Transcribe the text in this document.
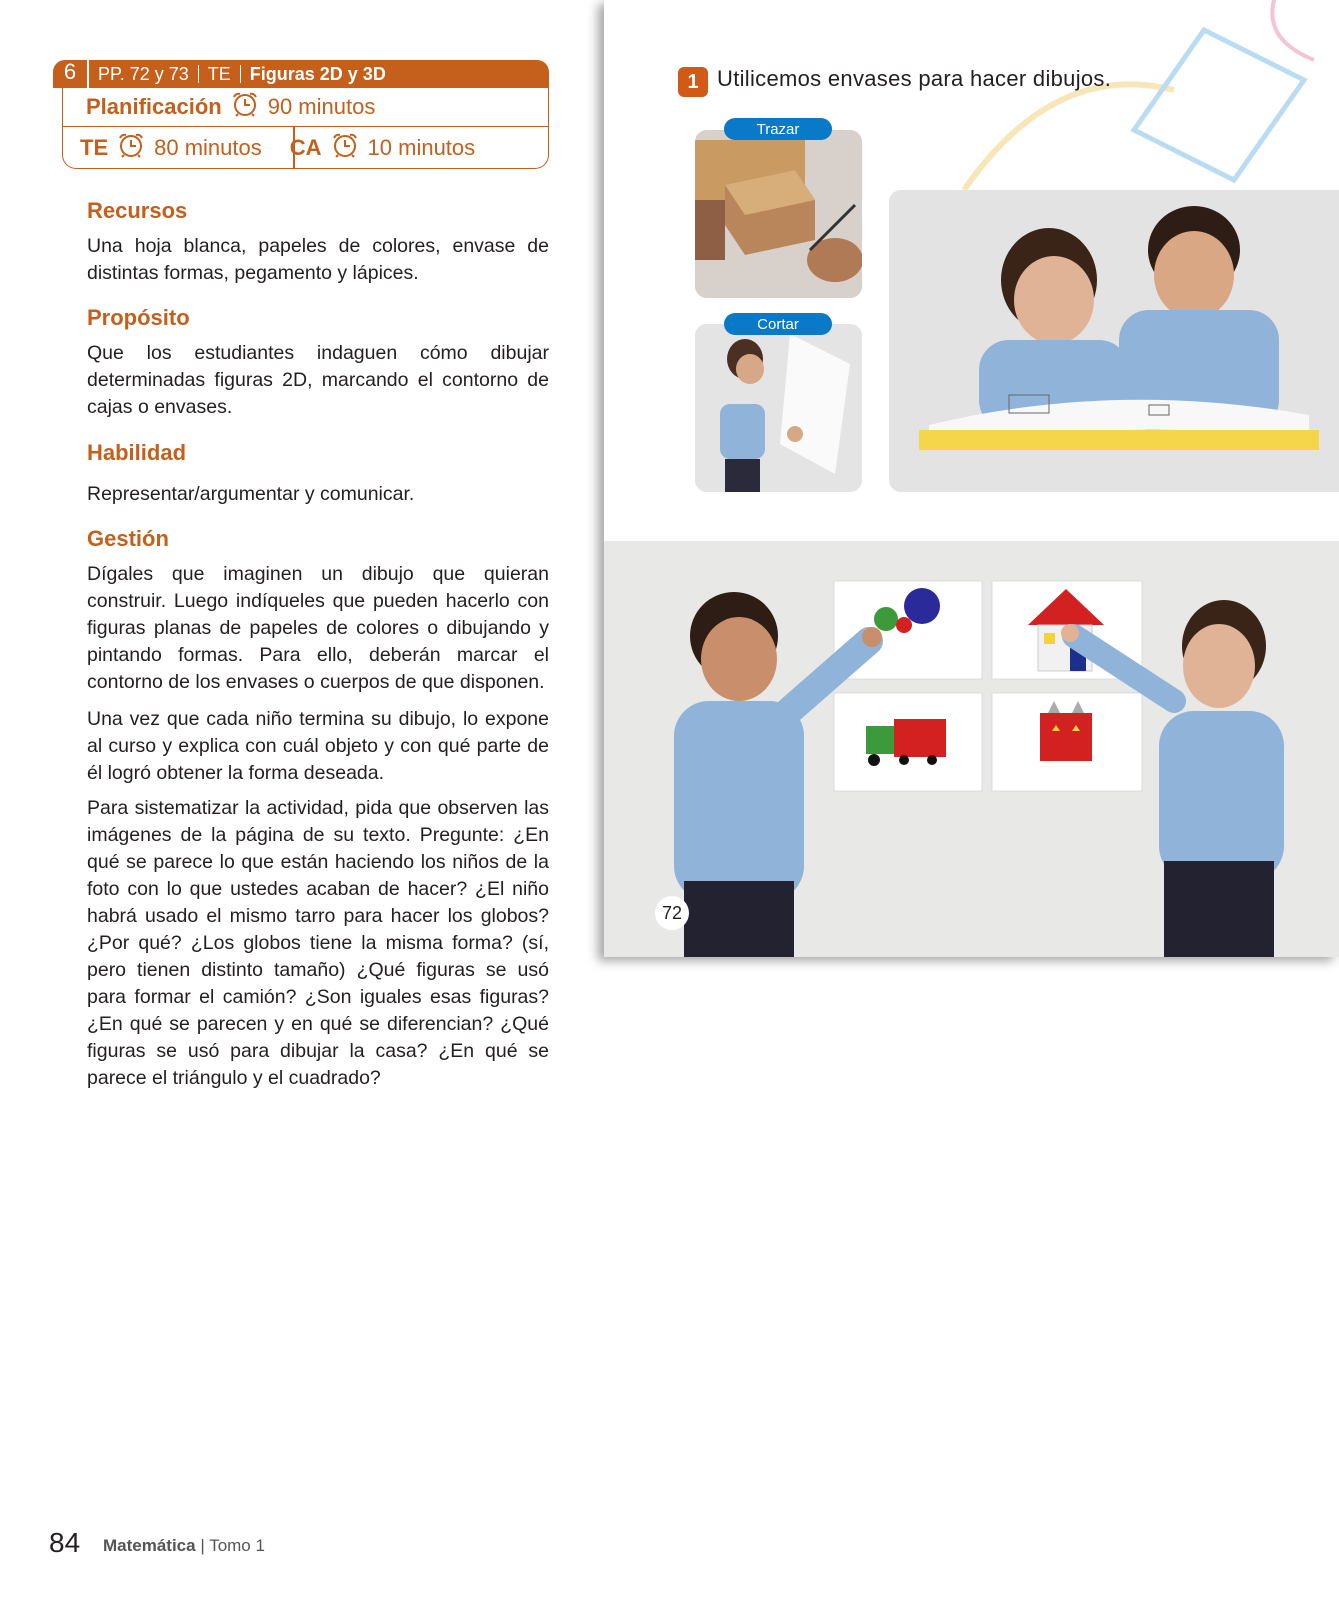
6	PP. 72 y 73	TE	Figuras 2D y 3D
Planificación 90 minutos
TE 80 minutos CA 10 minutos
Recursos
Una hoja blanca, papeles de colores, envase de distintas formas, pegamento y lápices.
Propósito
Que los estudiantes indaguen cómo dibujar determinadas figuras 2D, marcando el contorno de cajas o envases.
Habilidad
Representar/argumentar y comunicar.
Gestión
Dígales que imaginen un dibujo que quieran construir. Luego indíqueles que pueden hacerlo con figuras planas de papeles de colores o dibujando y pintando formas. Para ello, deberán marcar el contorno de los envases o cuerpos de que disponen.
Una vez que cada niño termina su dibujo, lo expone al curso y explica con cuál objeto y con qué parte de él logró obtener la forma deseada.
Para sistematizar la actividad, pida que observen las imágenes de la página de su texto. Pregunte: ¿En qué se parece lo que están haciendo los niños de la foto con lo que ustedes acaban de hacer? ¿El niño habrá usado el mismo tarro para hacer los globos? ¿Por qué? ¿Los globos tiene la misma forma? (sí, pero tienen distinto tamaño) ¿Qué figuras se usó para formar el camión? ¿Son iguales esas figuras? ¿En qué se parecen y en qué se diferencian? ¿Qué figuras se usó para dibujar la casa? ¿En qué se parece el triángulo y el cuadrado?
1 Utilicemos envases para hacer dibujos.
Trazar
Cortar
72
84 Matemática | Tomo 1
